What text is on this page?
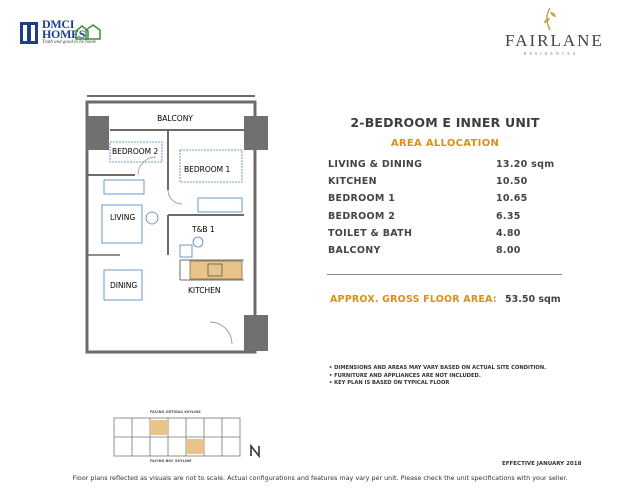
DMCI
HOMES
Truth and good to be home	FAIRLANE
RESIDENCES
BALCONY
BEDROOM 2
BEDROOM 1
LIVING
T&B 1
DINING
KITCHEN
2-BEDROOM E INNER UNIT
AREA ALLOCATION
LIVING & DINING	13.20 sqm
KITCHEN	10.50
BEDROOM 1	10.65
BEDROOM 2	6.35
TOILET & BATH	4.80
BALCONY	8.00
APPROX. GROSS FLOOR AREA: 53.50 sqm
• DIMENSIONS AND AREAS MAY VARY BASED ON ACTUAL SITE CONDITION.
• FURNITURE AND APPLIANCES ARE NOT INCLUDED.
• KEY PLAN IS BASED ON TYPICAL FLOOR
FACING ORTIGAS SKYLINE
FACING BGC SKYLINE	EFFECTIVE JANUARY 2018
Floor plans reflected as visuals are not to scale. Actual configurations and features may vary per unit. Please check the unit specifications with your seller.
